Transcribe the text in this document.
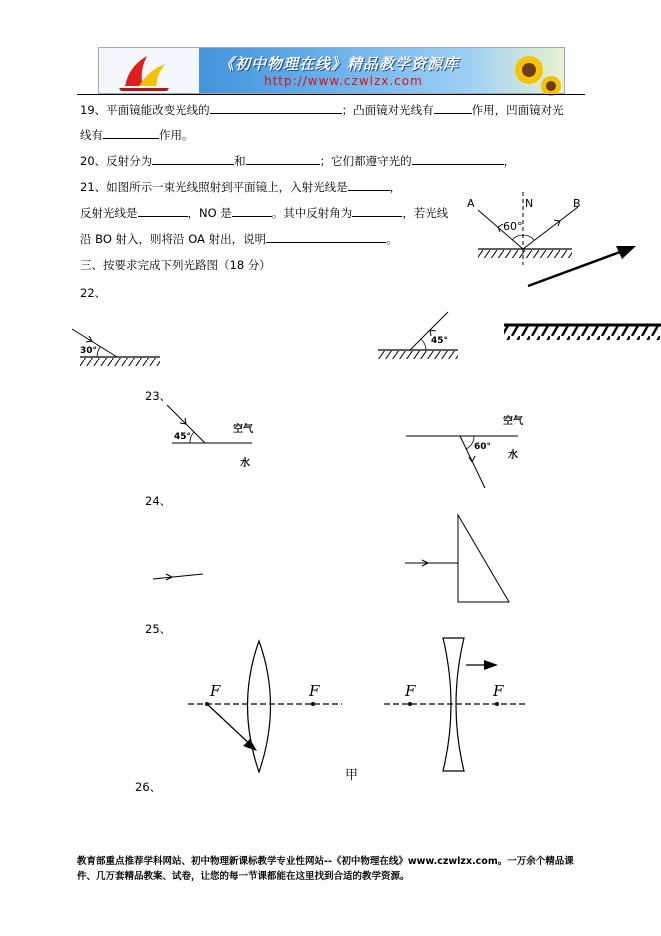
《初中物理在线》精品教学资源库
http://www.czwlzx.com
19、平面镜能改变光线的	；凸面镜对光线有	作用，凹面镜对光
线有	作用。
20、反射分为	和	；它们都遵守光的	，
21、如图所示一束光线照射到平面镜上，入射光线是	，
反射光线是	，NO 是	。其中反射角为	，若光线
沿 BO 射入，则将沿 OA 射出，说明	。
三、按要求完成下列光路图（18 分）
22、
23、
24、
25、
26、
A	N	B
60°
30°
45°
45°
空气
水
空气
60°
水
F	F	F	F
甲
教育部重点推荐学科网站、初中物理新课标教学专业性网站--《初中物理在线》www.czwlzx.com。一万余个精品课件、几万套精品教案、试卷，让您的每一节课都能在这里找到合适的教学资源。
